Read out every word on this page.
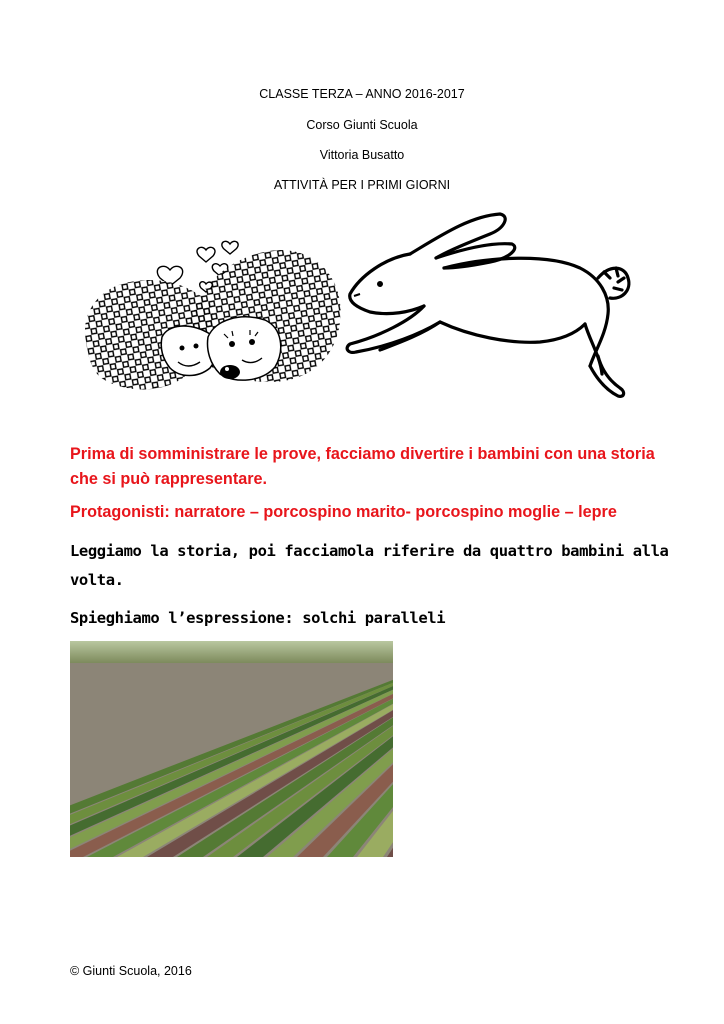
CLASSE TERZA – ANNO 2016-2017
Corso Giunti Scuola
Vittoria Busatto
ATTIVITÀ PER I PRIMI GIORNI
Prima di somministrare le prove, facciamo divertire i bambini con una storia che si può rappresentare.
Protagonisti: narratore – porcospino marito- porcospino moglie – lepre
Leggiamo la storia, poi facciamola riferire da quattro bambini alla volta.
Spieghiamo l’espressione: solchi paralleli
© Giunti Scuola, 2016
